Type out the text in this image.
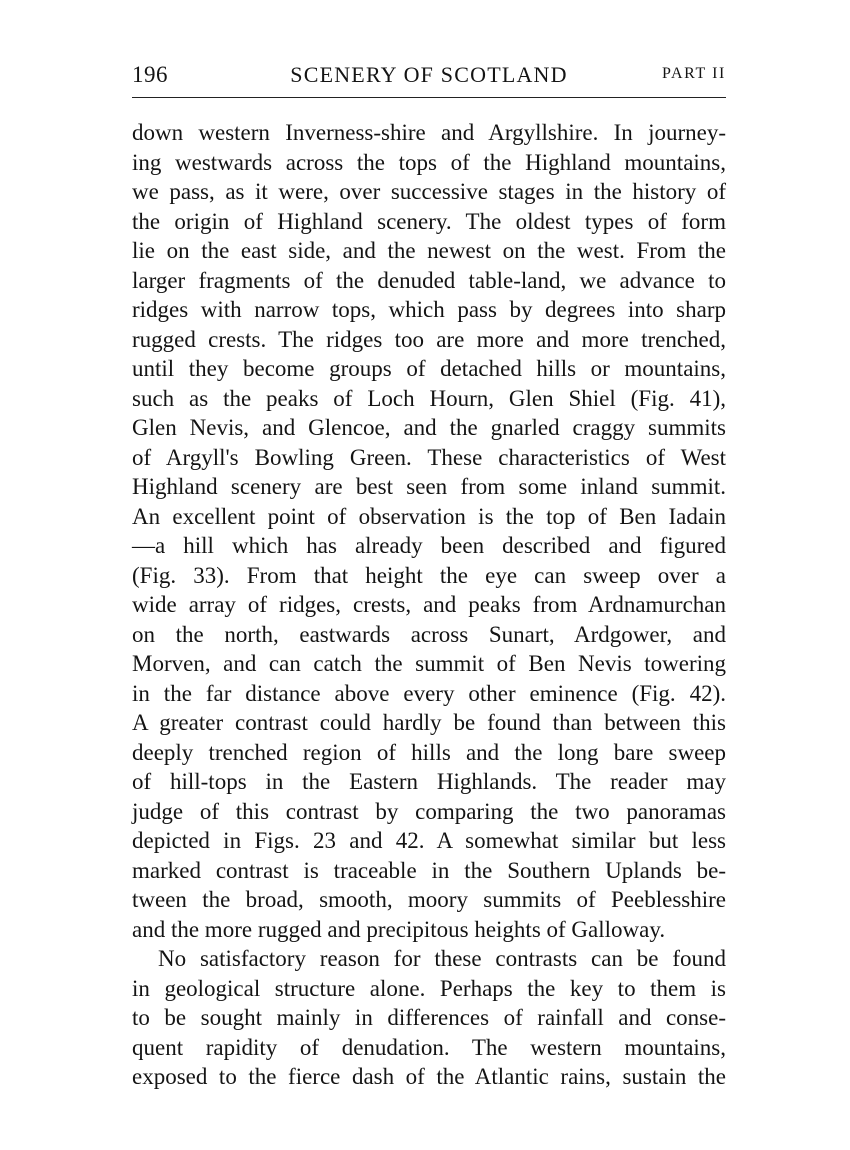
196	SCENERY OF SCOTLAND	PART II
down western Inverness-shire and Argyllshire. In journey-
ing westwards across the tops of the Highland mountains,
we pass, as it were, over successive stages in the history of
the origin of Highland scenery. The oldest types of form
lie on the east side, and the newest on the west. From the
larger fragments of the denuded table-land, we advance to
ridges with narrow tops, which pass by degrees into sharp
rugged crests. The ridges too are more and more trenched,
until they become groups of detached hills or mountains,
such as the peaks of Loch Hourn, Glen Shiel (Fig. 41),
Glen Nevis, and Glencoe, and the gnarled craggy summits
of Argyll's Bowling Green. These characteristics of West
Highland scenery are best seen from some inland summit.
An excellent point of observation is the top of Ben Iadain
—a hill which has already been described and figured
(Fig. 33). From that height the eye can sweep over a
wide array of ridges, crests, and peaks from Ardnamurchan
on the north, eastwards across Sunart, Ardgower, and
Morven, and can catch the summit of Ben Nevis towering
in the far distance above every other eminence (Fig. 42).
A greater contrast could hardly be found than between this
deeply trenched region of hills and the long bare sweep
of hill-tops in the Eastern Highlands. The reader may
judge of this contrast by comparing the two panoramas
depicted in Figs. 23 and 42. A somewhat similar but less
marked contrast is traceable in the Southern Uplands be-
tween the broad, smooth, moory summits of Peeblesshire
and the more rugged and precipitous heights of Galloway.
No satisfactory reason for these contrasts can be found
in geological structure alone. Perhaps the key to them is
to be sought mainly in differences of rainfall and conse-
quent rapidity of denudation. The western mountains,
exposed to the fierce dash of the Atlantic rains, sustain the
